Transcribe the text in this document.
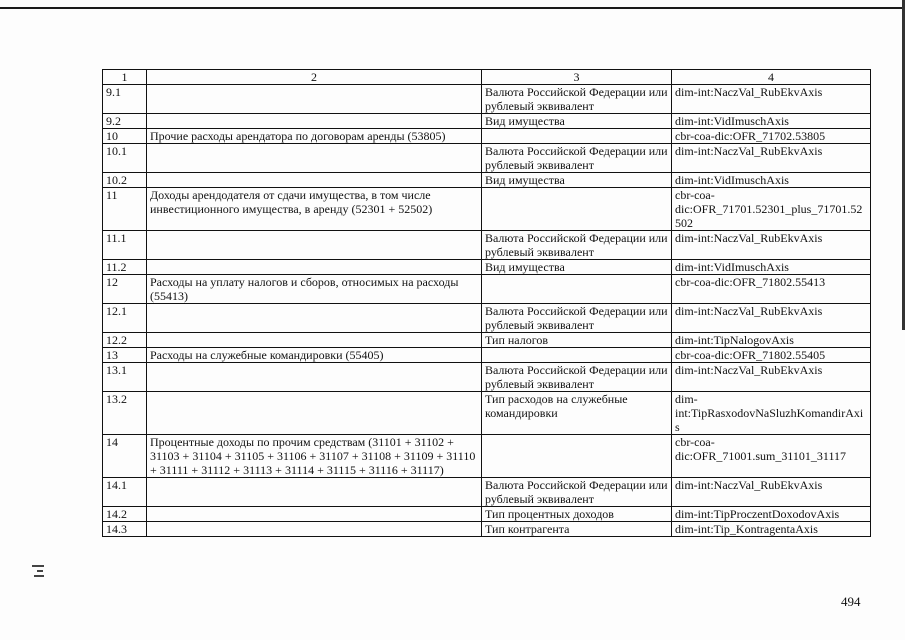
1	2	3	4
9.1		Валюта Российской Федерации или рублевый эквивалент	dim-int:NaczVal_RubEkvAxis
9.2		Вид имущества	dim-int:VidImuschAxis
10	Прочие расходы арендатора по договорам аренды (53805)		cbr-coa-dic:OFR_71702.53805
10.1		Валюта Российской Федерации или рублевый эквивалент	dim-int:NaczVal_RubEkvAxis
10.2		Вид имущества	dim-int:VidImuschAxis
11	Доходы арендодателя от сдачи имущества, в том числе инвестиционного имущества, в аренду (52301 + 52502)		cbr-coa-dic:OFR_71701.52301_plus_71701.52502
11.1		Валюта Российской Федерации или рублевый эквивалент	dim-int:NaczVal_RubEkvAxis
11.2		Вид имущества	dim-int:VidImuschAxis
12	Расходы на уплату налогов и сборов, относимых на расходы (55413)		cbr-coa-dic:OFR_71802.55413
12.1		Валюта Российской Федерации или рублевый эквивалент	dim-int:NaczVal_RubEkvAxis
12.2		Тип налогов	dim-int:TipNalogovAxis
13	Расходы на служебные командировки (55405)		cbr-coa-dic:OFR_71802.55405
13.1		Валюта Российской Федерации или рублевый эквивалент	dim-int:NaczVal_RubEkvAxis
13.2		Тип расходов на служебные командировки	dim-int:TipRasxodovNaSluzhKomandirAxis
14	Процентные доходы по прочим средствам (31101 + 31102 + 31103 + 31104 + 31105 + 31106 + 31107 + 31108 + 31109 + 31110 + 31111 + 31112 + 31113 + 31114 + 31115 + 31116 + 31117)		cbr-coa-dic:OFR_71001.sum_31101_31117
14.1		Валюта Российской Федерации или рублевый эквивалент	dim-int:NaczVal_RubEkvAxis
14.2		Тип процентных доходов	dim-int:TipProczentDoxodovAxis
14.3		Тип контрагента	dim-int:Tip_KontragentaAxis
494
